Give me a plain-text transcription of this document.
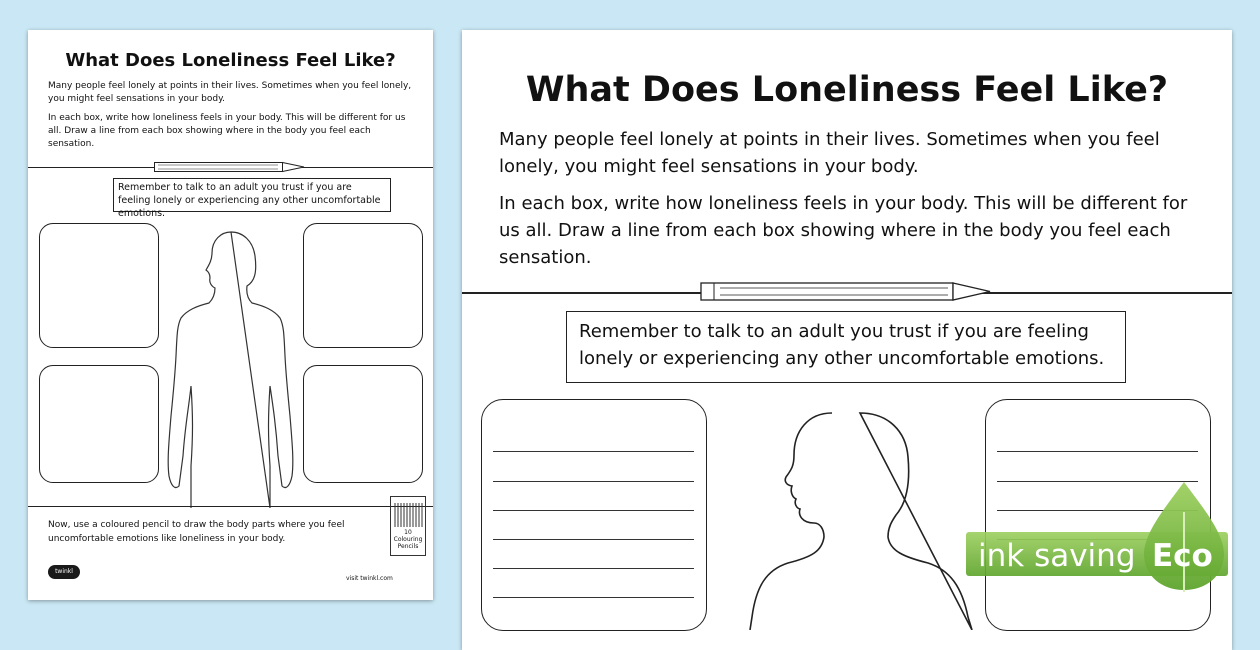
What Does Loneliness Feel Like?
Many people feel lonely at points in their lives. Sometimes when you feel lonely, you might feel sensations in your body.
In each box, write how loneliness feels in your body. This will be different for us all. Draw a line from each box showing where in the body you feel each sensation.
Remember to talk to an adult you trust if you are feeling lonely or experiencing any other uncomfortable emotions.
Now, use a coloured pencil to draw the body parts where you feel uncomfortable emotions like loneliness in your body.
10 Colouring Pencils
twinkl
visit twinkl.com
What Does Loneliness Feel Like?
Many people feel lonely at points in their lives. Sometimes when you feel lonely, you might feel sensations in your body.
In each box, write how loneliness feels in your body. This will be different for us all. Draw a line from each box showing where in the body you feel each sensation.
Remember to talk to an adult you trust if you are feeling lonely or experiencing any other uncomfortable emotions.
ink saving Eco
